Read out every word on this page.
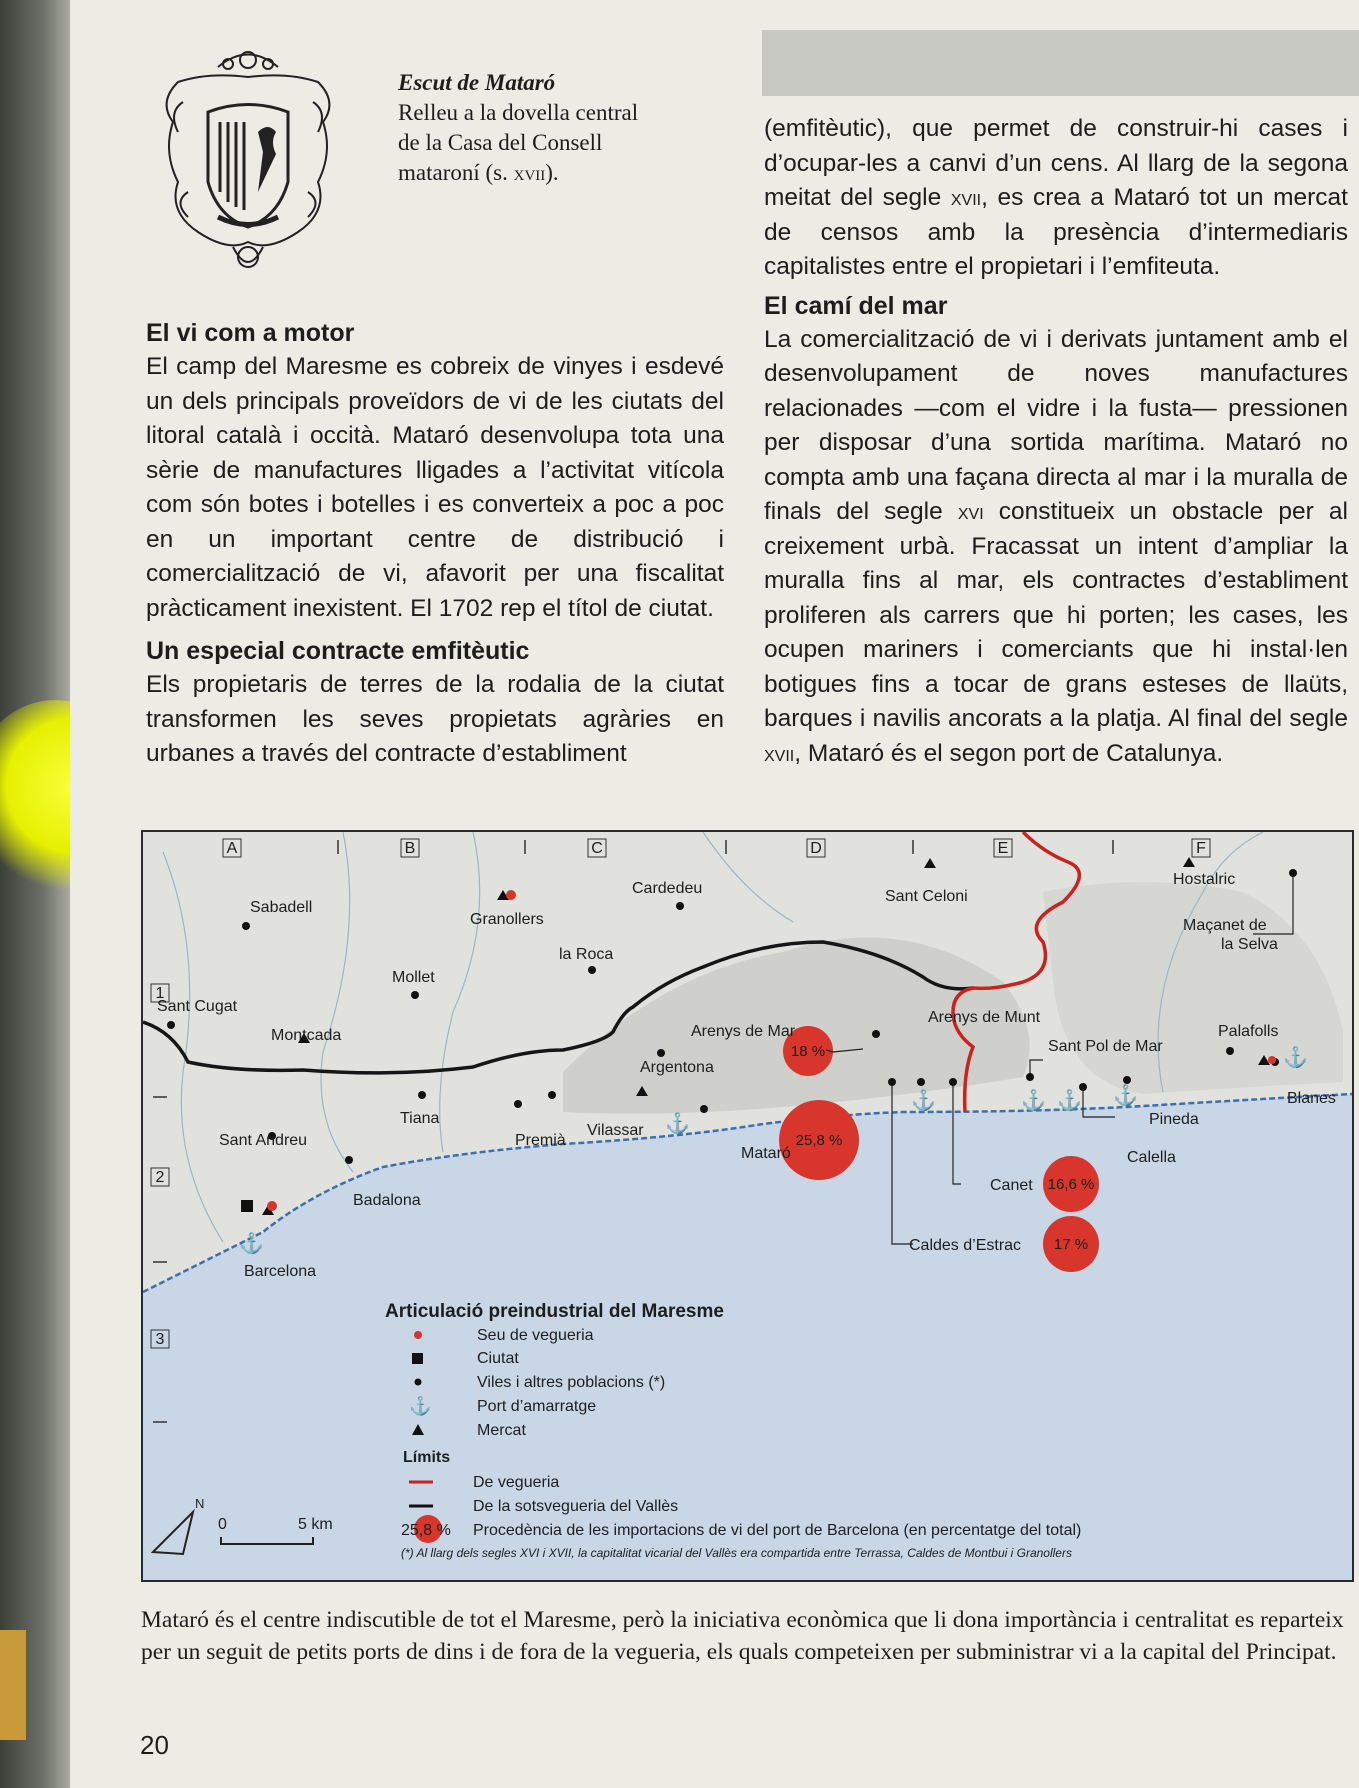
Escut de Mataró
Relleu a la dovella central
de la Casa del Consell
mataroní (s. xvii).
El vi com a motor

El camp del Maresme es cobreix de vinyes i esdevé un dels principals proveïdors de vi de les ciutats del litoral català i occità. Mataró desenvolupa tota una sèrie de manufactures lligades a l’activitat vitícola com són botes i botelles i es converteix a poc a poc en un important centre de distribució i comercialització de vi, afavorit per una fiscalitat pràcticament inexistent. El 1702 rep el títol de ciutat.

Un especial contracte emfitèutic

Els propietaris de terres de la rodalia de la ciutat transformen les seves propietats agràries en urbanes a través del contracte d’establiment

(emfitèutic), que permet de construir-hi cases i d’ocupar-les a canvi d’un cens. Al llarg de la segona meitat del segle xvii, es crea a Mataró tot un mercat de censos amb la presència d’intermediaris capitalistes entre el propietari i l’emfiteuta.

El camí del mar

La comercialització de vi i derivats juntament amb el desenvolupament de noves manufactures relacionades —com el vidre i la fusta— pressionen per disposar d’una sortida marítima. Mataró no compta amb una façana directa al mar i la muralla de finals del segle xvi constitueix un obstacle per al creixement urbà. Fracassat un intent d’ampliar la muralla fins al mar, els contractes d’establiment proliferen als carrers que hi porten; les cases, les ocupen mariners i comerciants que hi instal·len botigues fins a tocar de grans esteses de llaüts, barques i navilis ancorats a la platja. Al final del segle xvii, Mataró és el segon port de Catalunya.

A	B	C	D	E	F
1
2
3
⚓
⚓	⚓ ⚓ ⚓
⚓
⚓
Sabadell
Granollers
Cardedeu	Sant Celoni
Hostalric
Maçanet de
la Selva
la Roca
Mollet
Sant Cugat
Montcada	Arenys de Mar
Arenys de Munt
Palafolls
Sant Pol de Mar
Blanes
Argentona
Tiana
Vilassar
Premià
Sant Andreu
Mataró
Pineda
Calella
Canet
Badalona
Caldes d’Estrac
Barcelona
18 %
25,8 %
16,6 %
17 %
Articulació preindustrial del Maresme
Seu de vegueria
Ciutat
Viles i altres poblacions (*)
⚓	Port d’amarratge
Mercat
Límits
De vegueria
De la sotsvegueria del Vallès
25,8 % Procedència de les importacions de vi del port de Barcelona (en percentatge del total)
(*) Al llarg dels segles XVI i XVII, la capitalitat vicarial del Vallès era compartida entre Terrassa, Caldes de Montbui i Granollers
N
0	5 km
Mataró és el centre indiscutible de tot el Maresme, però la iniciativa econòmica que li dona importància i centralitat es reparteix per un seguit de petits ports de dins i de fora de la vegueria, els quals competeixen per subministrar vi a la capital del Principat.
20
